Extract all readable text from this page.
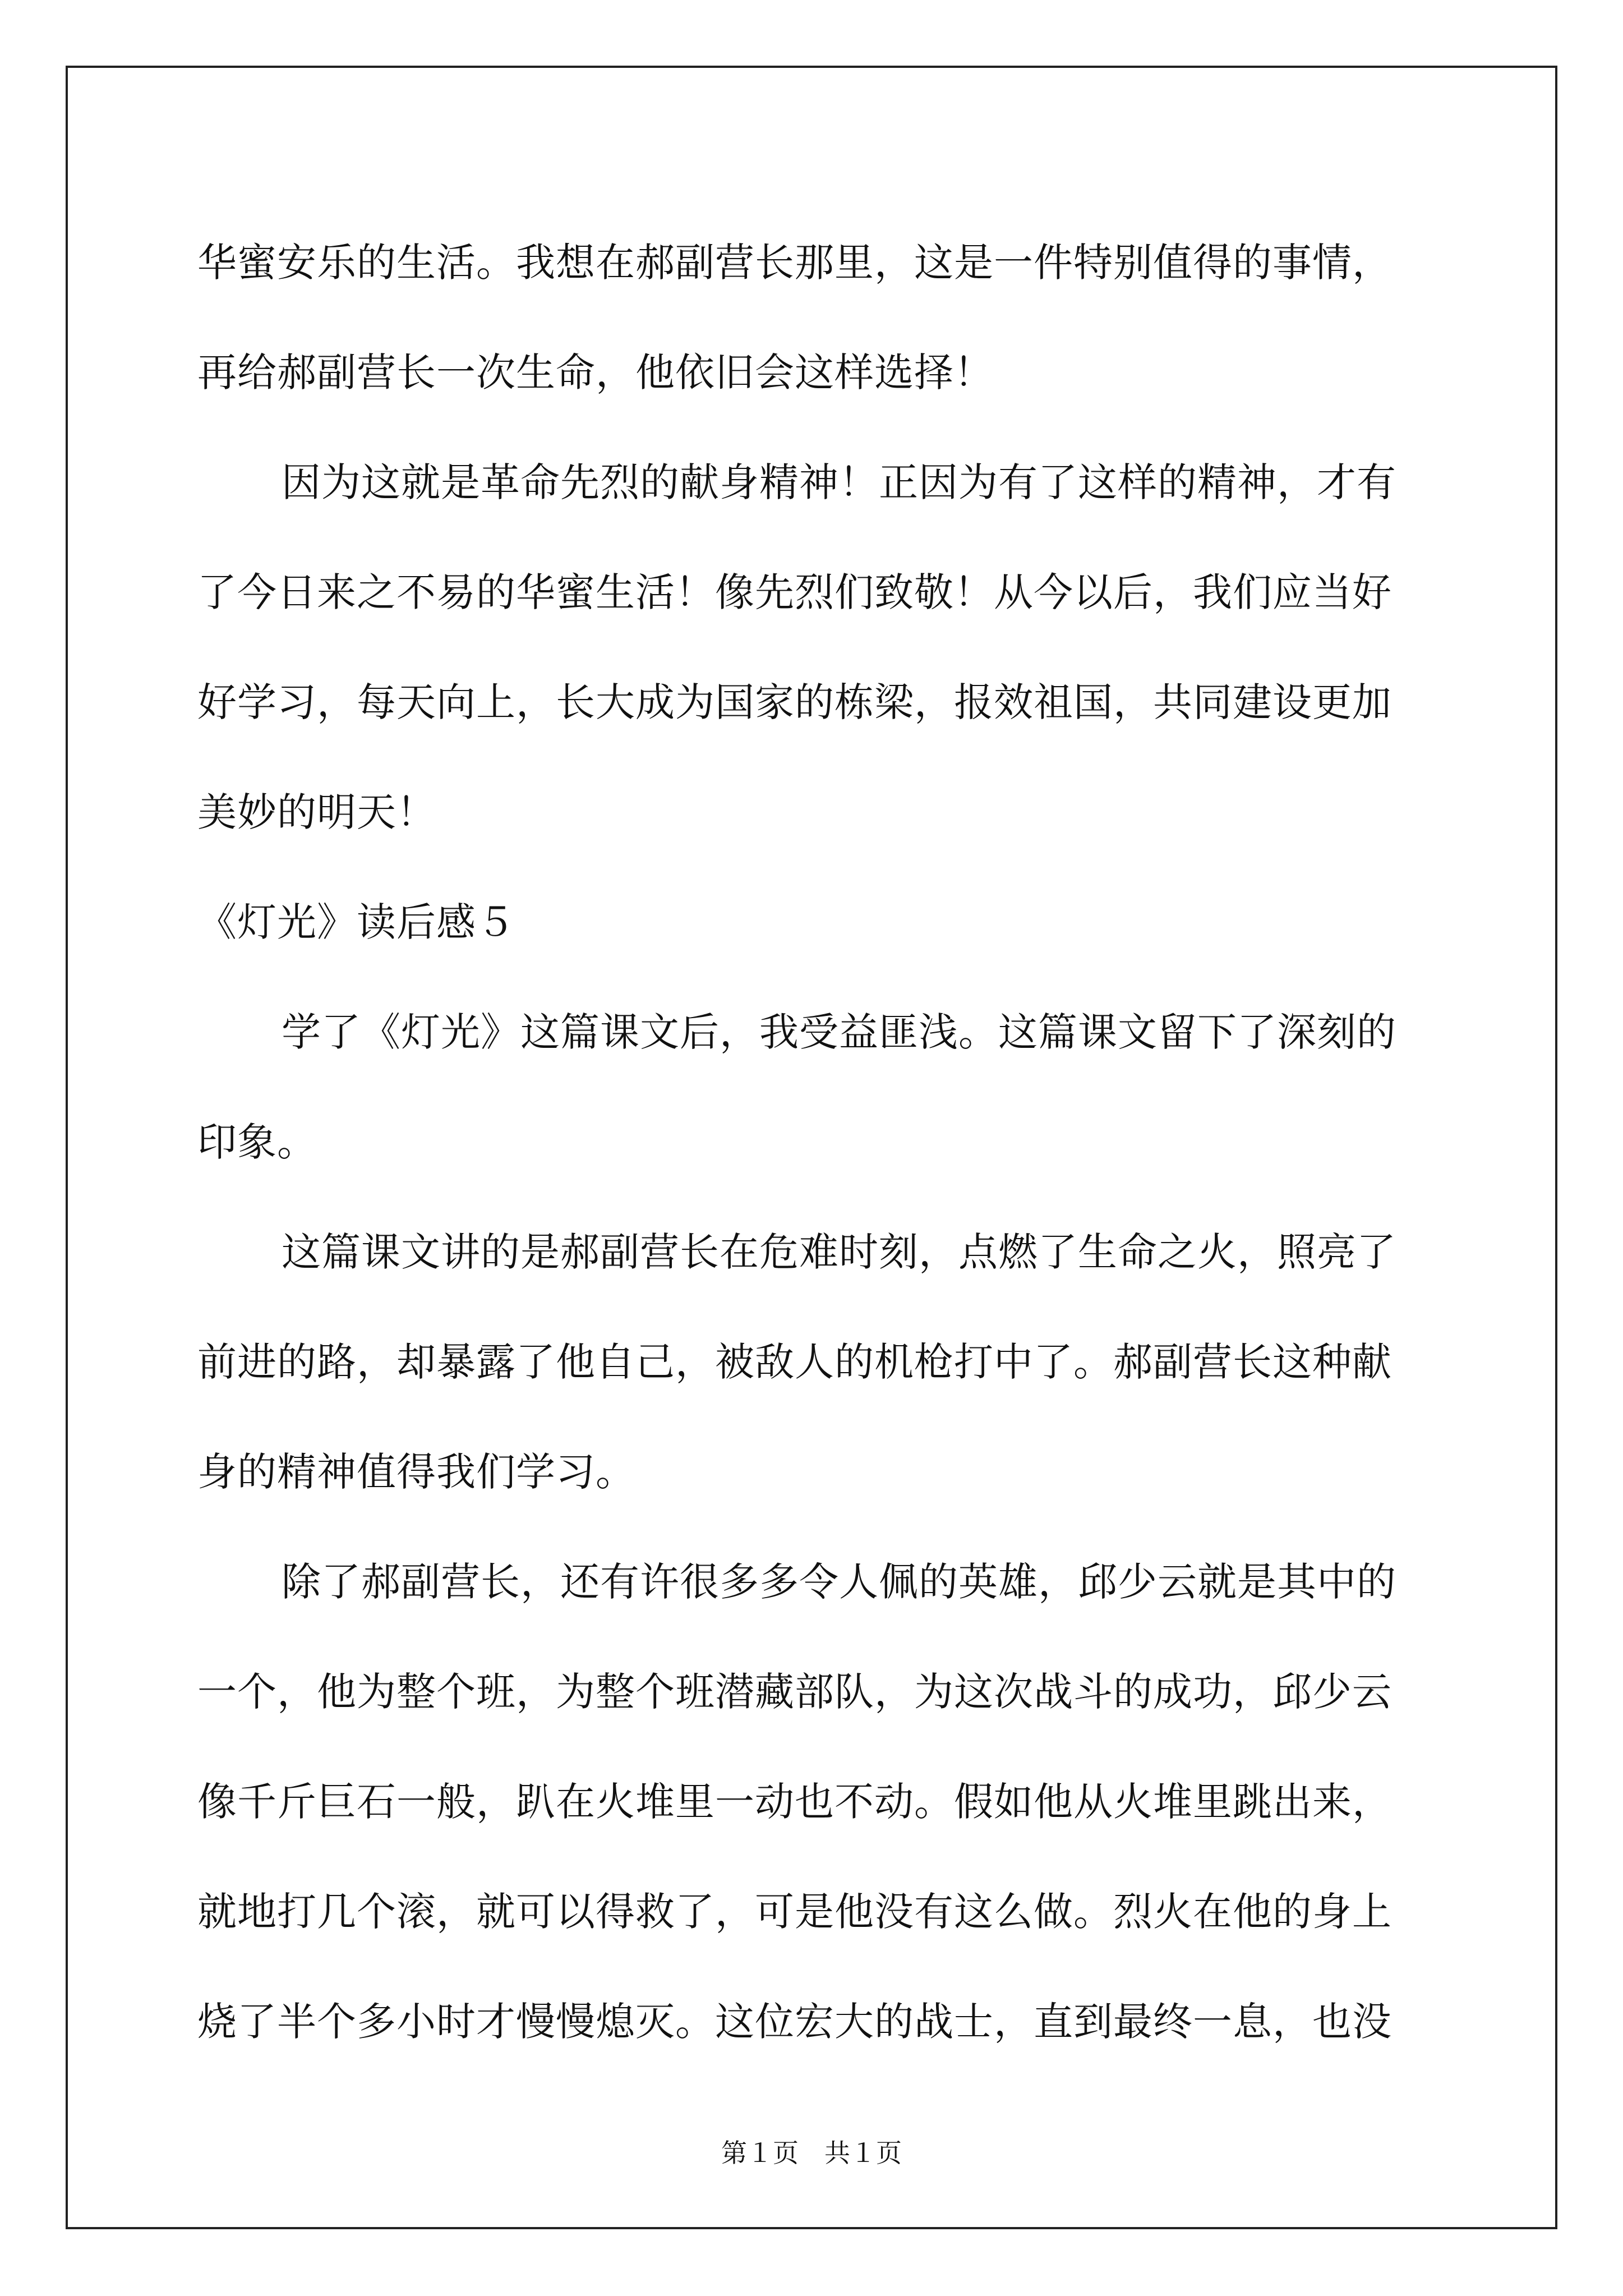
华蜜安乐的生活。我想在郝副营长那里，这是一件特别值得的事情，
再给郝副营长一次生命，他依旧会这样选择！
因为这就是革命先烈的献身精神！正因为有了这样的精神，才有
了今日来之不易的华蜜生活！像先烈们致敬！从今以后，我们应当好
好学习，每天向上，长大成为国家的栋梁，报效祖国，共同建设更加
美妙的明天！
《灯光》读后感５
学了《灯光》这篇课文后，我受益匪浅。这篇课文留下了深刻的
印象。
这篇课文讲的是郝副营长在危难时刻，点燃了生命之火，照亮了
前进的路，却暴露了他自己，被敌人的机枪打中了。郝副营长这种献
身的精神值得我们学习。
除了郝副营长，还有许很多多令人佩的英雄，邱少云就是其中的
一个，他为整个班，为整个班潜藏部队，为这次战斗的成功，邱少云
像千斤巨石一般，趴在火堆里一动也不动。假如他从火堆里跳出来，
就地打几个滚，就可以得救了，可是他没有这么做。烈火在他的身上
烧了半个多小时才慢慢熄灭。这位宏大的战士，直到最终一息，也没
第１页　共１页
